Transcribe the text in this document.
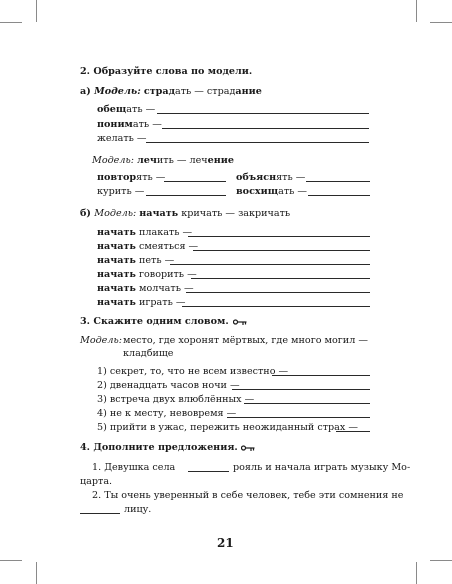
2. Образуйте слова по модели.
а) Модель: страдать — страдание
обещать —
понимать —
желать —
Модель: лечить — лечение
повторять —	объяснять —
курить —	восхищать —
б) Модель: начать кричать — закричать
начать плакать —
начать смеяться —
начать петь —
начать говорить —
начать молчать —
начать играть —
3. Скажите одним словом.
Модель: место, где хоронят мёртвых, где много могил —
кладбище
1) секрет, то, что не всем известно —
2) двенадцать часов ночи —
3) встреча двух влюблённых —
4) не к месту, невовремя —
5) прийти в ужас, пережить неожиданный страх —
4. Дополните предложения.
1. Девушка села	рояль и начала играть музыку Мо-
царта.
2. Ты очень уверенный в себе человек, тебе эти сомнения не
лицу.
21
